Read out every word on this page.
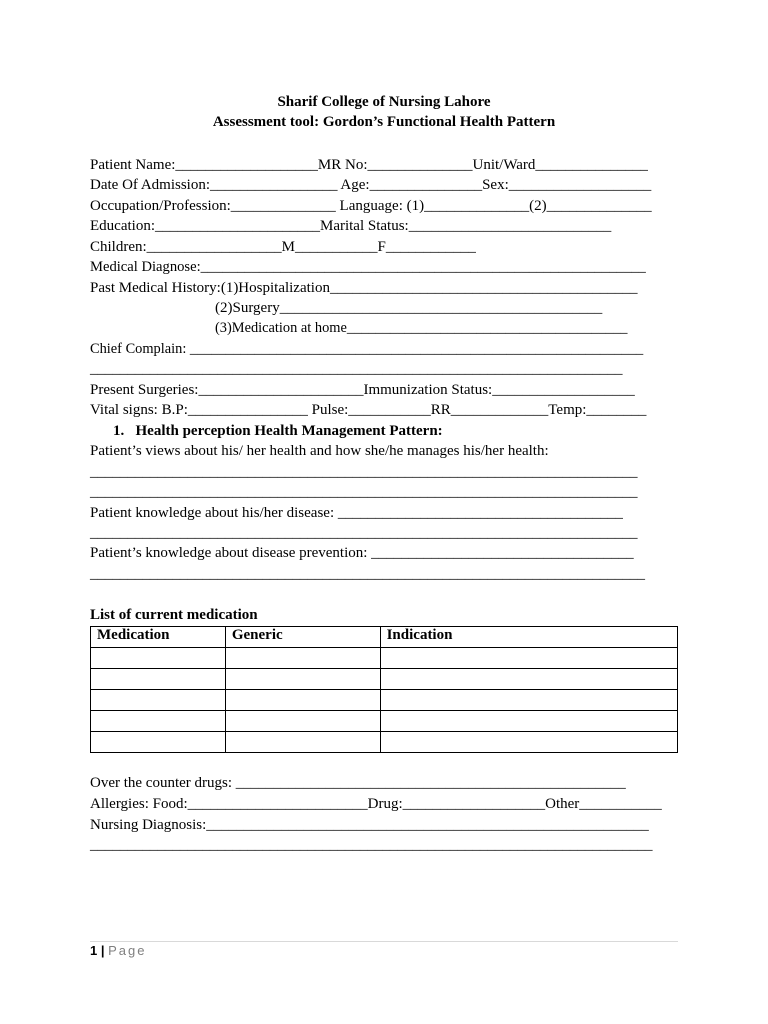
Sharif College of Nursing Lahore
Assessment tool: Gordon’s Functional Health Pattern
Patient Name:___________________MR No:______________Unit/Ward_______________
Date Of Admission:_________________ Age:_______________Sex:___________________
Occupation/Profession:______________ Language: (1)______________(2)______________
Education:______________________Marital Status:___________________________
Children:__________________M___________F____________
Medical Diagnose:_____________________________________________________________
Past Medical History:(1)Hospitalization_________________________________________
(2)Surgery___________________________________________
(3)Medication at home_______________________________________
Chief Complain: _______________________________________________________________
_______________________________________________________________________
Present Surgeries:______________________Immunization Status:___________________
Vital signs: B.P:________________ Pulse:___________RR_____________Temp:________
1.   Health perception Health Management Pattern:
Patient’s views about his/ her health and how she/he manages his/her health:
_________________________________________________________________________
_________________________________________________________________________
Patient knowledge about his/her disease: ______________________________________
_________________________________________________________________________
Patient’s knowledge about disease prevention: ___________________________________
__________________________________________________________________________
List of current medication
Medication	Generic	Indication

Over the counter drugs: ____________________________________________________
Allergies: Food:________________________Drug:___________________Other___________
Nursing Diagnosis:___________________________________________________________
___________________________________________________________________________
1 | Page
